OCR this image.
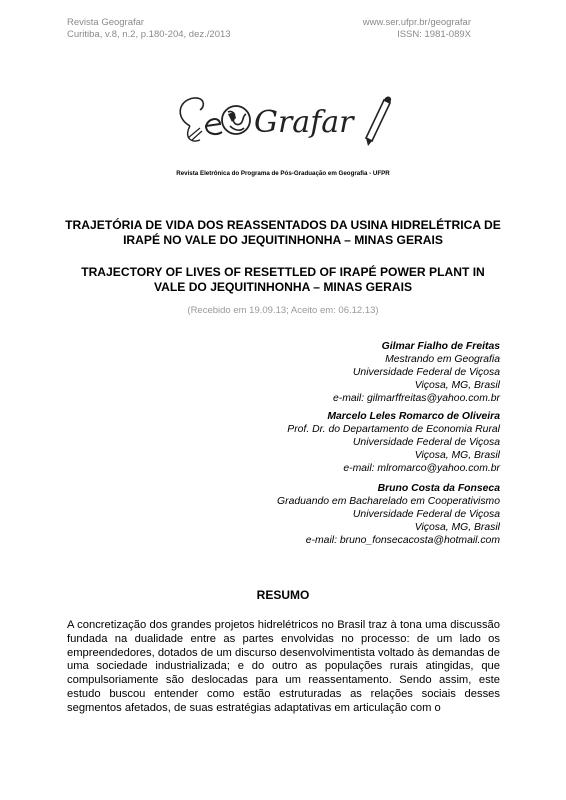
Revista Geografar
Curitiba, v.8, n.2, p.180-204, dez./2013
www.ser.ufpr.br/geografar
ISSN: 1981-089X
Grafar
Revista Eletrônica do Programa de Pós-Graduação em Geografia - UFPR
TRAJETÓRIA DE VIDA DOS REASSENTADOS DA USINA HIDRELÉTRICA DE IRAPÉ NO VALE DO JEQUITINHONHA – MINAS GERAIS
TRAJECTORY OF LIVES OF RESETTLED OF IRAPÉ POWER PLANT IN
VALE DO JEQUITINHONHA – MINAS GERAIS
(Recebido em 19.09.13; Aceito em: 06.12.13)
Gilmar Fialho de Freitas
Mestrando em Geografia
Universidade Federal de Viçosa
Viçosa, MG, Brasil
e-mail: gilmarffreitas@yahoo.com.br
Marcelo Leles Romarco de Oliveira
Prof. Dr. do Departamento de Economia Rural
Universidade Federal de Viçosa
Viçosa, MG, Brasil
e-mail: mlromarco@yahoo.com.br
Bruno Costa da Fonseca
Graduando em Bacharelado em Cooperativismo
Universidade Federal de Viçosa
Viçosa, MG, Brasil
e-mail: bruno_fonsecacosta@hotmail.com
RESUMO
A concretização dos grandes projetos hidrelétricos no Brasil traz à tona uma discussão fundada na dualidade entre as partes envolvidas no processo: de um lado os empreendedores, dotados de um discurso desenvolvimentista voltado às demandas de uma sociedade industrializada; e do outro as populações rurais atingidas, que compulsoriamente são deslocadas para um reassentamento. Sendo assim, este estudo buscou entender como estão estruturadas as relações sociais desses segmentos afetados, de suas estratégias adaptativas em articulação com o
